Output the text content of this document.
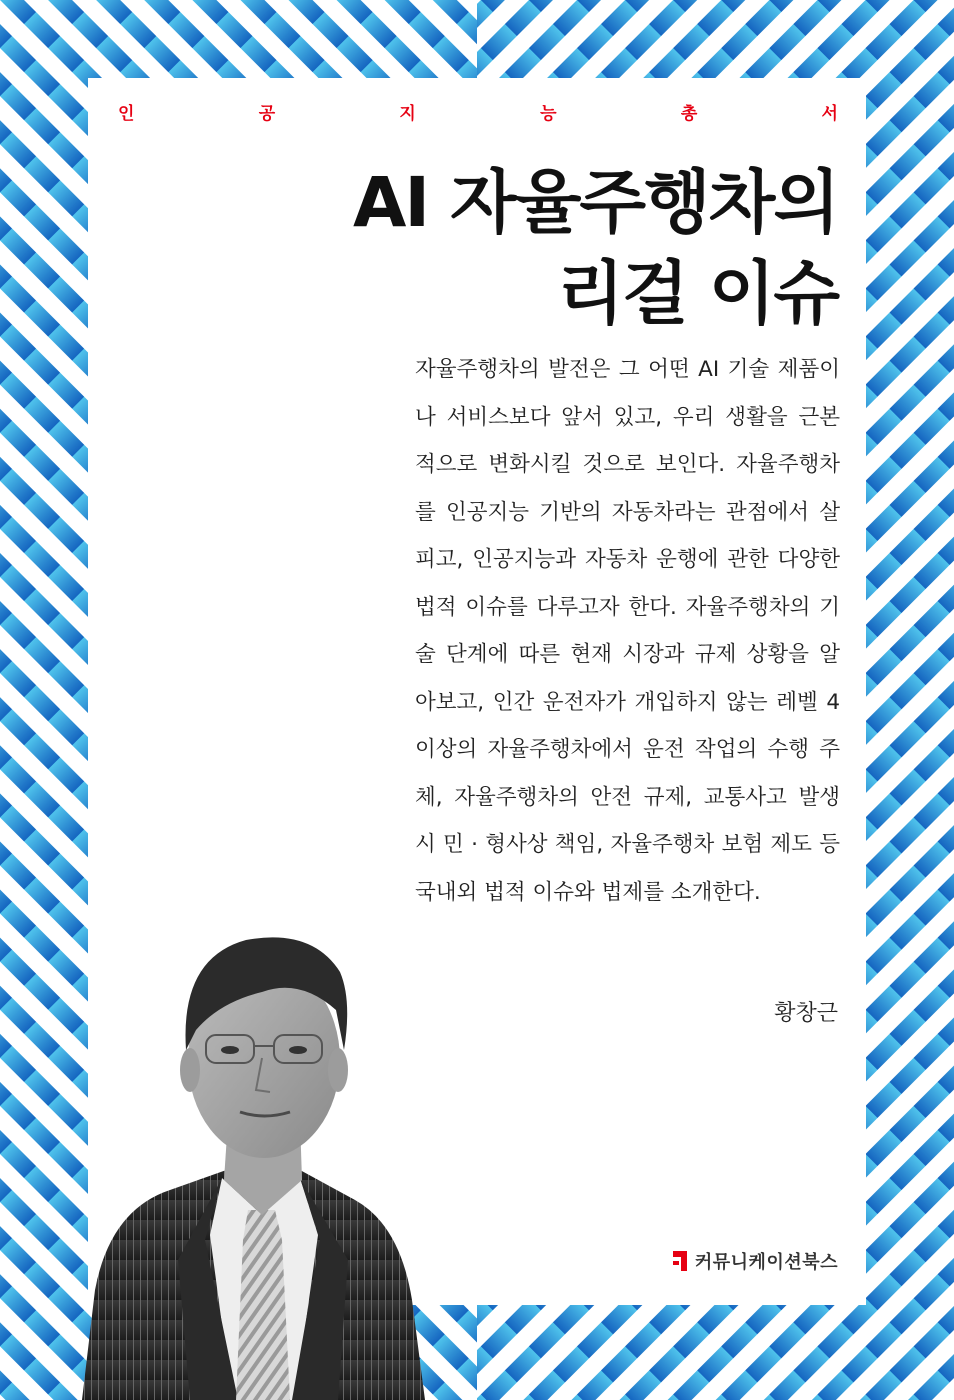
인	공	지	능	총	서
AI 자율주행차의
리걸 이슈
자율주행차의 발전은 그 어떤 AI 기술 제품이
나 서비스보다 앞서 있고, 우리 생활을 근본
적으로 변화시킬 것으로 보인다. 자율주행차
를 인공지능 기반의 자동차라는 관점에서 살
피고, 인공지능과 자동차 운행에 관한 다양한
법적 이슈를 다루고자 한다. 자율주행차의 기
술 단계에 따른 현재 시장과 규제 상황을 알
아보고, 인간 운전자가 개입하지 않는 레벨 4
이상의 자율주행차에서 운전 작업의 수행 주
체, 자율주행차의 안전 규제, 교통사고 발생
시 민 · 형사상 책임, 자율주행차 보험 제도 등
국내외 법적 이슈와 법제를 소개한다.
황창근
커뮤니케이션북스
